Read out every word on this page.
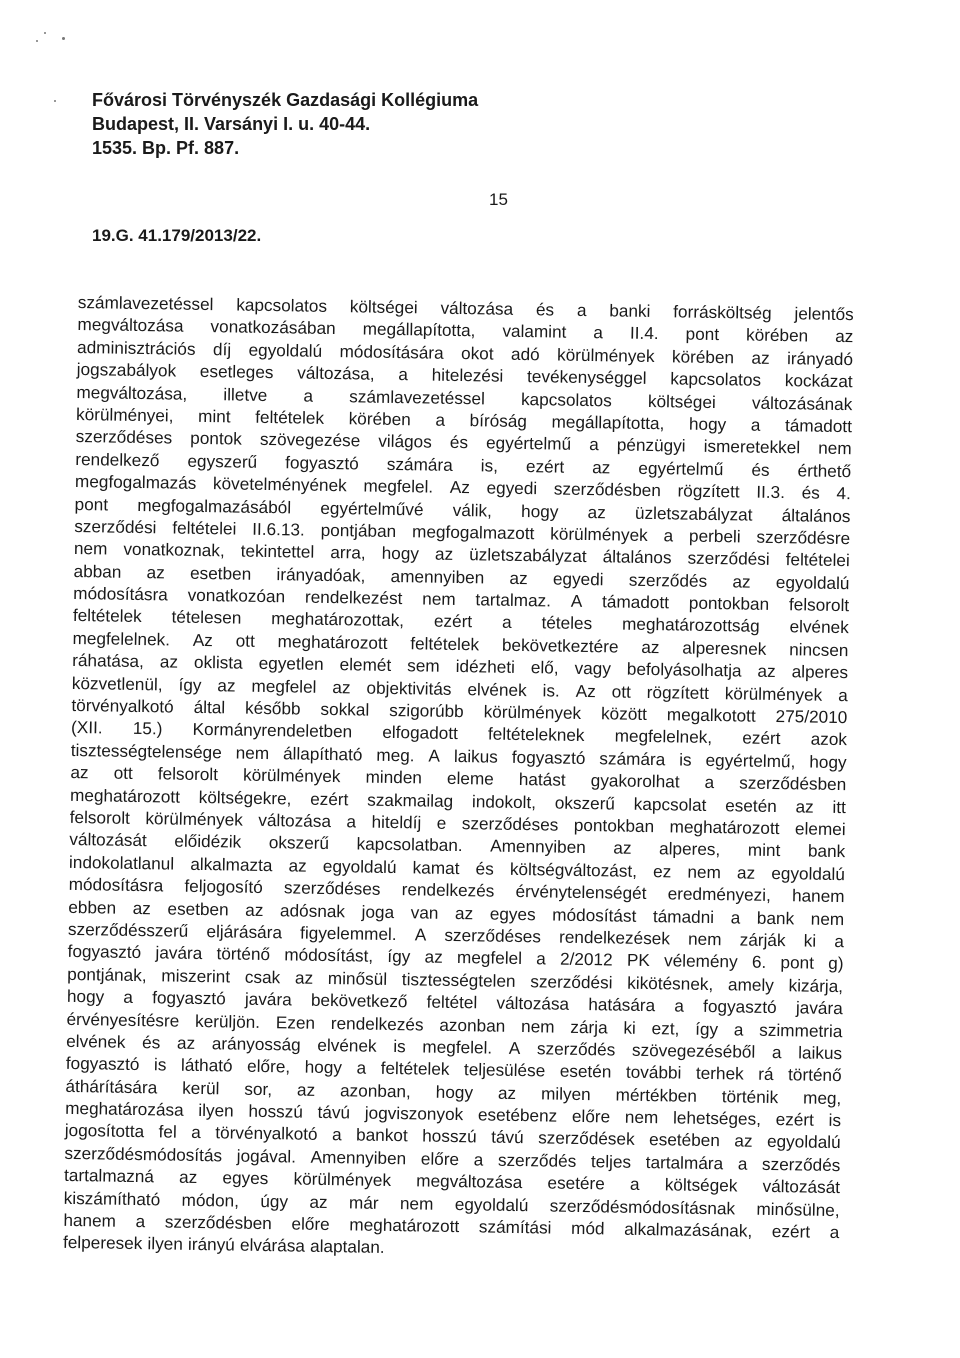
Fővárosi Törvényszék Gazdasági Kollégiuma
Budapest, II. Varsányi I. u. 40-44.
1535. Bp. Pf. 887.
15
19.G. 41.179/2013/22.
számlavezetéssel kapcsolatos költségei változása és a banki forrásköltség jelentős
megváltozása vonatkozásában megállapította, valamint a II.4. pont körében az
adminisztrációs díj egyoldalú módosítására okot adó körülmények körében az irányadó
jogszabályok esetleges változása, a hitelezési tevékenységgel kapcsolatos kockázat
megváltozása, illetve a számlavezetéssel kapcsolatos költségei változásának
körülményei, mint feltételek körében a bíróság megállapította, hogy a támadott
szerződéses pontok szövegezése világos és egyértelmű a pénzügyi ismeretekkel nem
rendelkező egyszerű fogyasztó számára is, ezért az egyértelmű és érthető
megfogalmazás követelményének megfelel. Az egyedi szerződésben rögzített II.3. és 4.
pont megfogalmazásából egyértelművé válik, hogy az üzletszabályzat általános
szerződési feltételei II.6.13. pontjában megfogalmazott körülmények a perbeli szerződésre
nem vonatkoznak, tekintettel arra, hogy az üzletszabályzat általános szerződési feltételei
abban az esetben irányadóak, amennyiben az egyedi szerződés az egyoldalú
módosításra vonatkozóan rendelkezést nem tartalmaz. A támadott pontokban felsorolt
feltételek tételesen meghatározottak, ezért a tételes meghatározottság elvének
megfelelnek. Az ott meghatározott feltételek bekövetkeztére az alperesnek nincsen
ráhatása, az oklista egyetlen elemét sem idézheti elő, vagy befolyásolhatja az alperes
közvetlenül, így az megfelel az objektivitás elvének is. Az ott rögzített körülmények a
törvényalkotó által később sokkal szigorúbb körülmények között megalkotott 275/2010
(XII. 15.) Kormányrendeletben elfogadott feltételeknek megfelelnek, ezért azok
tisztességtelensége nem állapítható meg. A laikus fogyasztó számára is egyértelmű, hogy
az ott felsorolt körülmények minden eleme hatást gyakorolhat a szerződésben
meghatározott költségekre, ezért szakmailag indokolt, okszerű kapcsolat esetén az itt
felsorolt körülmények változása a hiteldíj e szerződéses pontokban meghatározott elemei
változását előidézik okszerű kapcsolatban. Amennyiben az alperes, mint bank
indokolatlanul alkalmazta az egyoldalú kamat és költségváltozást, ez nem az egyoldalú
módosításra feljogosító szerződéses rendelkezés érvénytelenségét eredményezi, hanem
ebben az esetben az adósnak joga van az egyes módosítást támadni a bank nem
szerződésszerű eljárására figyelemmel. A szerződéses rendelkezések nem zárják ki a
fogyasztó javára történő módosítást, így az megfelel a 2/2012 PK vélemény 6. pont g)
pontjának, miszerint csak az minősül tisztességtelen szerződési kikötésnek, amely kizárja,
hogy a fogyasztó javára bekövetkező feltétel változása hatására a fogyasztó javára
érvényesítésre kerüljön. Ezen rendelkezés azonban nem zárja ki ezt, így a szimmetria
elvének és az arányosság elvének is megfelel. A szerződés szövegezéséből a laikus
fogyasztó is látható előre, hogy a feltételek teljesülése esetén további terhek rá történő
áthárítására kerül sor, az azonban, hogy az milyen mértékben történik meg,
meghatározása ilyen hosszú távú jogviszonyok esetébenz előre nem lehetséges, ezért is
jogosította fel a törvényalkotó a bankot hosszú távú szerződések esetében az egyoldalú
szerződésmódosítás jogával. Amennyiben előre a szerződés teljes tartalmára a szerződés
tartalmazná az egyes körülmények megváltozása esetére a költségek változását
kiszámítható módon, úgy az már nem egyoldalú szerződésmódosításnak minősülne,
hanem a szerződésben előre meghatározott számítási mód alkalmazásának, ezért a
felperesek ilyen irányú elvárása alaptalan.
